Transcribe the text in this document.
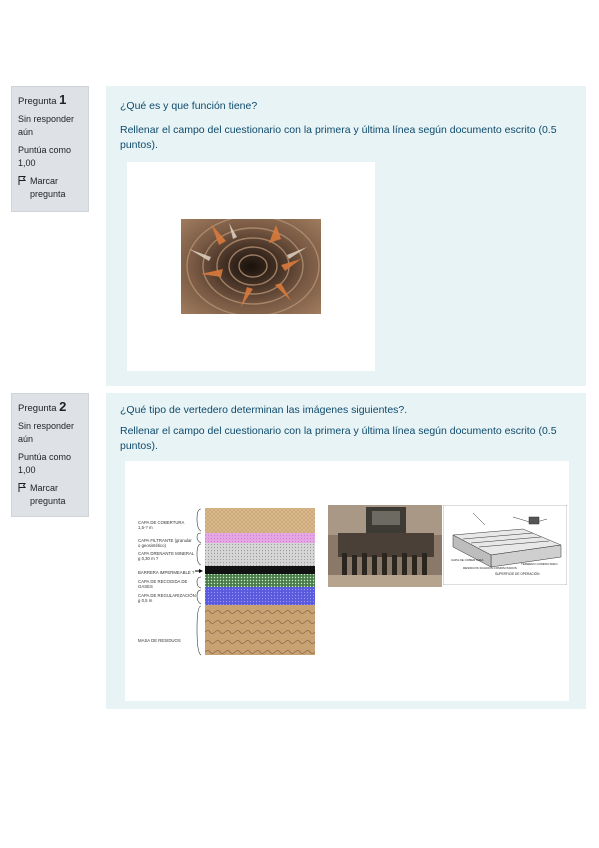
Pregunta 1

Sin responder aún

Puntúa como 1,00

Marcar pregunta

¿Qué es y que función tiene?
Rellenar el campo del cuestionario con la primera y última línea según documento escrito (0.5 puntos).
Pregunta 2

Sin responder aún

Puntúa como 1,00

Marcar pregunta

¿Qué tipo de vertedero determinan las imágenes siguientes?.
Rellenar el campo del cuestionario con la primera y última línea según documento escrito (0.5 puntos).
CAPA DE COBERTURA
1,5-? m
CAPA FILTRANTE (granular
o geosintético)
CAPA DRENANTE MINERAL
g 0,30 m ?
BARRERA IMPERMEABLE ?
CAPA DE RECOGIDA DE
GASES
CAPA DE REGULARIZACIÓN
g 0,5 m
MASA DE RESIDUOS
SUPERFICIE DE OPERACIÓN
CAPA DE COBERTURA
RESIDUOS SOLIDOS COMPACTADOS
TERRENO COMPACTADO
